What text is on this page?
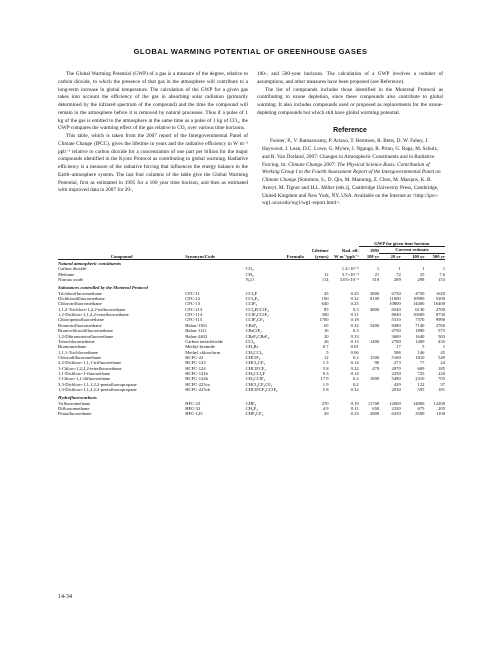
GLOBAL WARMING POTENTIAL OF GREENHOUSE GASES

The Global Warming Potential (GWP) of a gas is a measure of the degree, relative to carbon dioxide, to which the presence of that gas in the atmosphere will contribute to a long-term increase in global temperature. The calculation of the GWP for a given gas takes into account the efficiency of the gas in absorbing solar radiation (primarily determined by the infrared spectrum of the compound) and the time the compound will remain in the atmosphere before it is removed by natural processes. Thus if a pulse of 1 kg of the gas is emitted to the atmosphere at the same time as a pulse of 1 kg of CO₂, the GWP compares the warming effect of the gas relative to CO₂ over various time horizons.

This table, which is taken from the 2007 report of the Intergovernmental Panel of Climate Change (IPCC), gives the lifetime in years and the radiative efficiency in W m⁻² ppb⁻¹ relative to carbon dioxide for a concentration of one part per billion for the major compounds identified in the Kyoto Protocol as contributing to global warming. Radiative efficiency is a measure of the radiative forcing that influences the energy balance in the Earth–atmosphere system. The last four columns of the table give the Global Warming Potential, first as estimated in 1995 for a 100 year time horizon, and then as estimated with improved data in 2007 for 20-,

100-, and 500-year horizons. The calculation of a GWP involves a number of assumptions, and other measures have been proposed (see Reference).

The list of compounds includes those identified in the Montreal Protocol as contributing to ozone depletion, since these compounds also contribute to global warming. It also includes compounds used or proposed as replacements for the ozone-depleting compounds but which still have global warming potential.

Reference

Forster, P., V. Ramaswamy, P. Artaxo, T. Berntsen, R. Betts, D. W. Fahey, J. Haywood, J. Lean, D.C. Lowe, G. Myhre, J. Nganga, R. Prinn, G. Raga, M. Schulz, and R. Van Dorland, 2007: Changes in Atmospheric Constituents and in Radiative Forcing. In: Climate Change 2007: The Physical Science Basis. Contribution of Working Group I to the Fourth Assessment Report of the Intergovernmental Panel on Climate Change [Solomon, S., D. Qin, M. Manning, Z. Chen, M. Marquis, K. B. Averyt, M. Tignor and H.L. Miller (eds.)], Cambridge University Press, Cambridge, United Kingdom and New York, NY, USA. Available on the Internet at <http://ipcc-wg1.ucar.edu/wg1/wg1-report.html>.

					GWP for given time horizon			
			Lifetime	Rad. eff.	1995	Current estimate		
Compound	Synonym/Code	Formula	(years)	W m⁻²ppb⁻¹	100 yr	20 yr	100 yr	500 yr

Natural atmospheric constituents								
Carbon dioxide		CO₂		1.4×10⁻⁵	1	1	1	1
Methane		CH₄	12	3.7×10⁻⁴	21	72	25	7.6
Nitrous oxide		N₂O	114	3.03×10⁻³	310	289	298	153

Substances controlled by the Montreal Protocol								
Trichlorofluoromethane	CFC-11	CCl₃F	45	0.25	3800	6730	4750	1620
Dichlorodifluoromethane	CFC-12	CCl₂F₂	100	0.32	8100	11000	10900	5200
Chlorotrifluoromethane	CFC-13	CClF₃	640	0.25		10800	14400	16400
1,1,2-Trichloro-1,2,2-trifluoroethane	CFC-113	CCl₂FCClF₂	85	0.3	4800	6540	6130	2700
1,2-Dichloro-1,1,2,2-tetrafluoroethane	CFC-114	CClF₂CClF₂	300	0.31		8040	10000	8730
Chloropentafluoroethane	CFC-115	CClF₂CF₃	1700	0.18		5310	7370	9990
Bromotrifluoromethane	Halon-1301	CBrF₃	65	0.32	5400	8480	7140	2760
Bromochlorodifluoromethane	Halon-1211	CBrClF₂	16	0.3		4750	1890	575
1,2-Dibromotetrafluoroethane	Halon-2402	CBrF₂CBrF₂	20	0.33		3680	1640	503
Tetrachloromethane	Carbon tetrachloride	CCl₄	26	0.13	1400	2700	1400	435
Bromomethane	Methyl bromide	CH₃Br	0.7	0.01		17	5	1
1,1,1-Trichloroethane	Methyl chloroform	CH₃CCl₃	5	0.06		506	146	45
Chlorodifluoromethane	HCFC-22	CHClF₂	12	0.2	1500	5160	1810	549
2,2-Dichloro-1,1,1-trifluoroethane	HCFC-123	CHCl₂CF₃	1.3	0.14	90	273	77	24
1-Chloro-1,2,2,2-tetrafluoroethane	HCFC-124	CHClFCF₃	5.8	0.22	470	2070	609	185
1,1-Dichloro-1-fluoroethane	HCFC-141b	CH₃CCl₂F	9.3	0.14		2250	725	220
1-Chloro-1,1-difluoroethane	HCFC-142b	CH₃CClF₂	17.9	0.2	1800	5490	2310	705
3,3-Dichloro-1,1,1,2,2-pentafluoropropane	HCFC-225ca	CHCl₂CF₂CF₃	1.9	0.2		429	122	37
1,3-Dichloro-1,1,2,2,3-pentafluoropropane	HCFC-225cb	CHClFCF₂CClF₂	5.8	0.32		2030	595	181

Hydrofluorocarbons								
Trifluoromethane	HFC-23	CHF₃	270	0.19	11700	12000	14800	12200
Difluoromethane	HFC-32	CH₂F₂	4.9	0.11	650	2330	675	205
Pentafluoroethane	HFC-125	CHF₂CF₃	29	0.23	2800	6350	3500	1100
14-34
